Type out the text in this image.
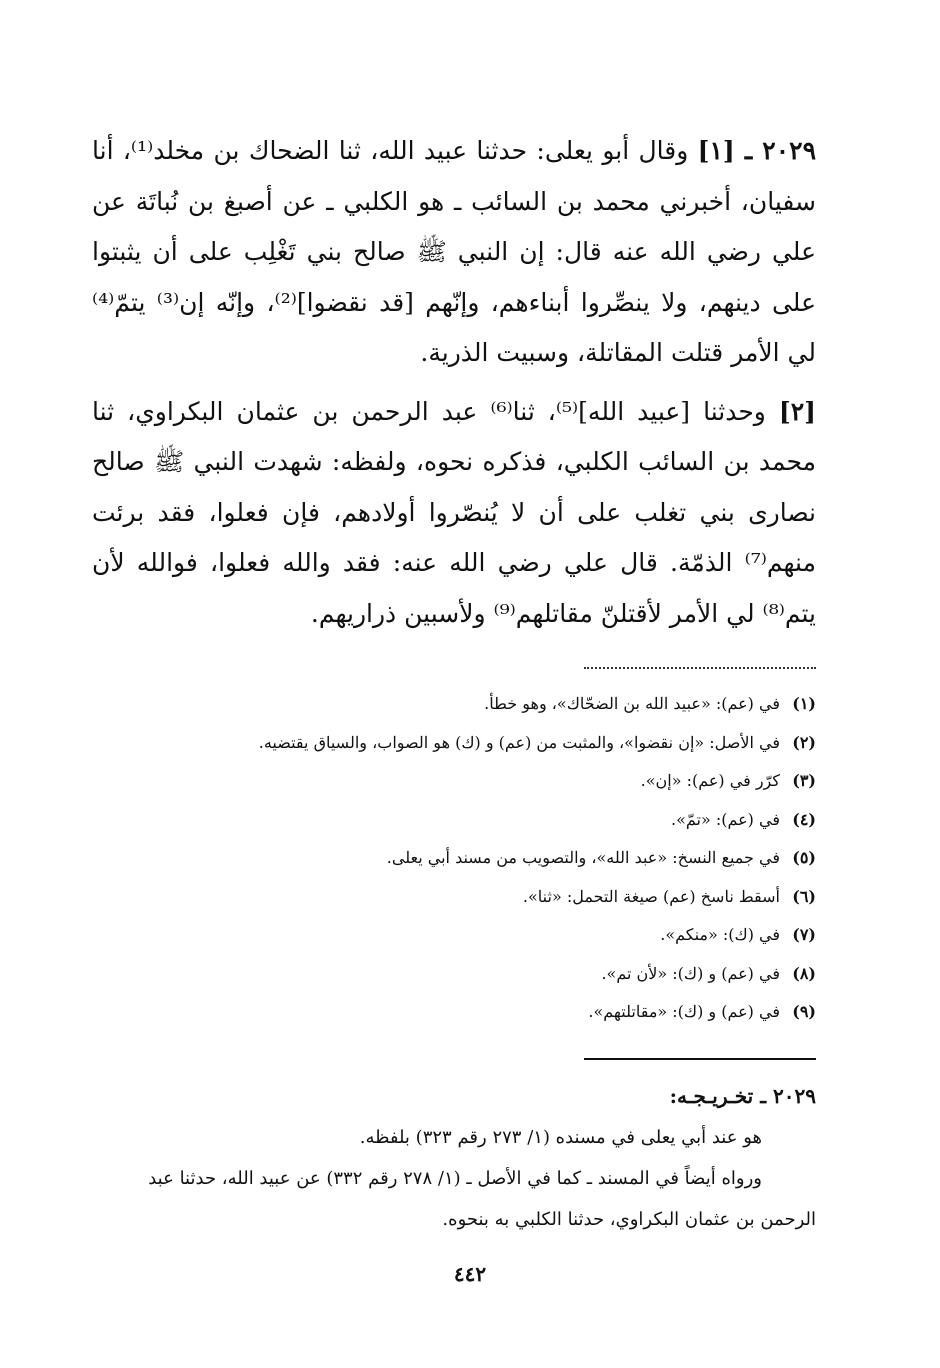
٢٠٢٩ ـ [١] وقال أبو يعلى: حدثنا عبيد الله، ثنا الضحاك بن مخلد⁽¹⁾، أنا سفيان، أخبرني محمد بن السائب ـ هو الكلبي ـ عن أصبغ بن نُباتَة عن علي رضي الله عنه قال: إن النبي ﷺ صالح بني تَغْلِب على أن يثبتوا على دينهم، ولا ينصِّروا أبناءهم، وإنّهم [قد نقضوا]⁽²⁾، وإنّه إن⁽³⁾ يتمّ⁽⁴⁾ لي الأمر قتلت المقاتلة، وسبيت الذرية.

[٢] وحدثنا [عبيد الله]⁽⁵⁾، ثنا⁽⁶⁾ عبد الرحمن بن عثمان البكراوي، ثنا محمد بن السائب الكلبي، فذكره نحوه، ولفظه: شهدت النبي ﷺ صالح نصارى بني تغلب على أن لا يُنصّروا أولادهم، فإن فعلوا، فقد برئت منهم⁽⁷⁾ الذمّة. قال علي رضي الله عنه: فقد والله فعلوا، فوالله لأن يتم⁽⁸⁾ لي الأمر لأقتلنّ مقاتلهم⁽⁹⁾ ولأسبين ذراريهم.

(١)في (عم): «عبيد الله بن الضحّاك»، وهو خطأ.
(٢)في الأصل: «إن نقضوا»، والمثبت من (عم) و (ك) هو الصواب، والسياق يقتضيه.
(٣)كرّر في (عم): «إن».
(٤)في (عم): «تمّ».
(٥)في جميع النسخ: «عبد الله»، والتصويب من مسند أبي يعلى.
(٦)أسقط ناسخ (عم) صيغة التحمل: «ثنا».
(٧)في (ك): «منكم».
(٨)في (عم) و (ك): «لأن تم».
(٩)في (عم) و (ك): «مقاتلتهم».
٢٠٢٩ ـ تخـريـجـه:

هو عند أبي يعلى في مسنده (١/ ٢٧٣ رقم ٣٢٣) بلفظه.

ورواه أيضاً في المسند ـ كما في الأصل ـ (١/ ٢٧٨ رقم ٣٣٢) عن عبيد الله، حدثنا عبد الرحمن بن عثمان البكراوي، حدثنا الكلبي به بنحوه.

٤٤٢
